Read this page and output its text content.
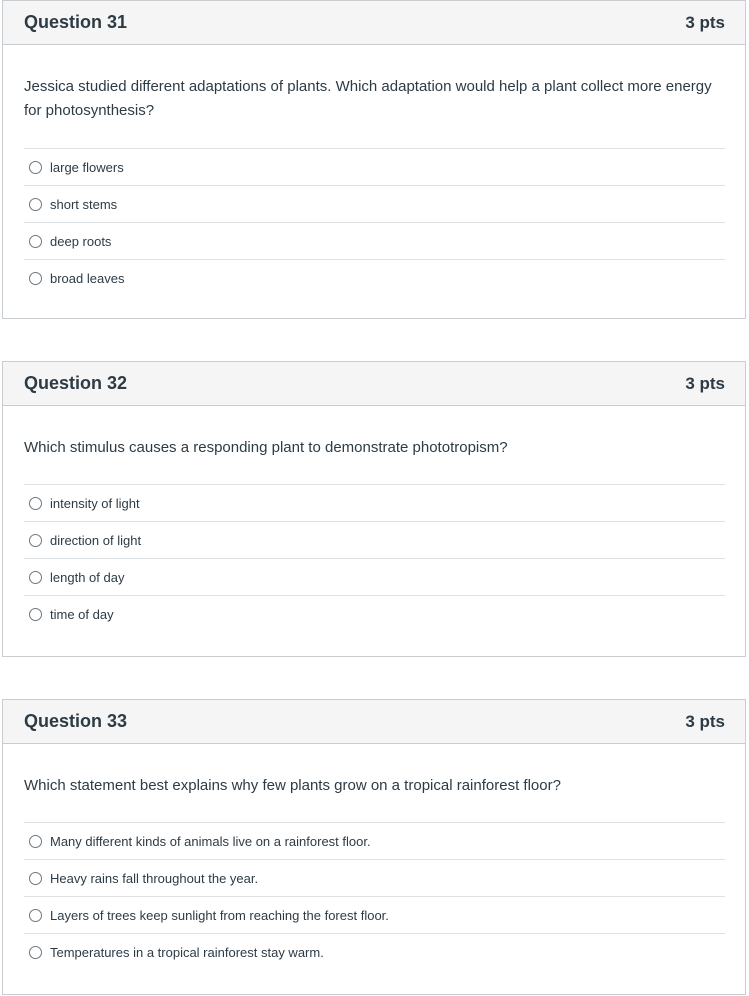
Question 31	3 pts

Jessica studied different adaptations of plants. Which adaptation would help a plant collect more energy for photosynthesis?

large flowers
short stems
deep roots
broad leaves
Question 32	3 pts

Which stimulus causes a responding plant to demonstrate phototropism?

intensity of light
direction of light
length of day
time of day
Question 33	3 pts

Which statement best explains why few plants grow on a tropical rainforest floor?

Many different kinds of animals live on a rainforest floor.
Heavy rains fall throughout the year.
Layers of trees keep sunlight from reaching the forest floor.
Temperatures in a tropical rainforest stay warm.
